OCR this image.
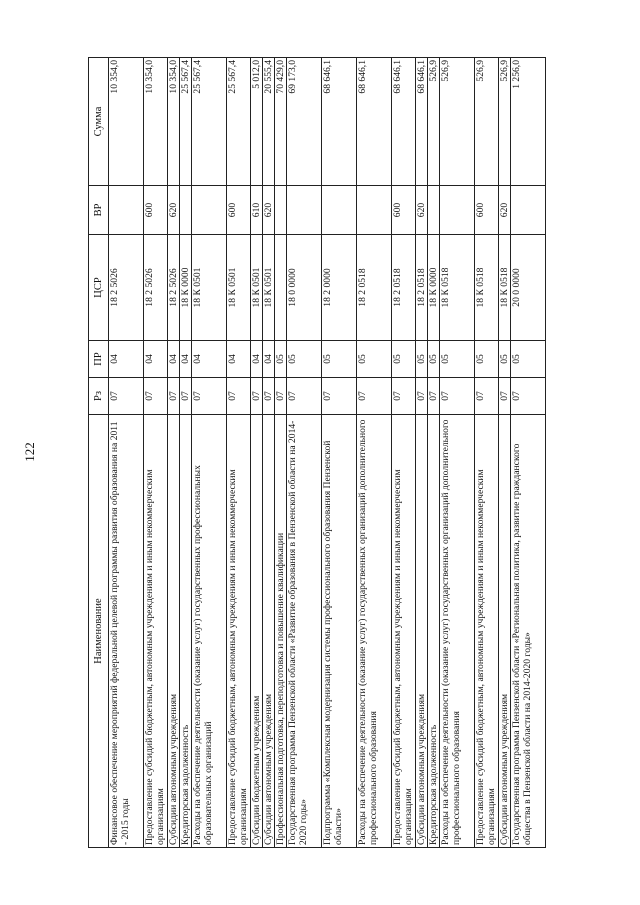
122
Наименование	Рз	ПР	ЦСР	ВР	Сумма
Финансовое обеспечение мероприятий федеральной целевой программы развития образования на 2011 - 2015 годы	07	04	18 2 5026		10 354,0
Предоставление субсидий бюджетным, автономным учреждениям и иным некоммерческим организациям	07	04	18 2 5026	600	10 354,0
Субсидии автономным учреждениям	07	04	18 2 5026	620	10 354,0
Кредиторская задолженность	07	04	18 К 0000		25 567,4
Расходы на обеспечение деятельности (оказание услуг) государственных профессиональных образовательных организаций	07	04	18 К 0501		25 567,4
Предоставление субсидий бюджетным, автономным учреждениям и иным некоммерческим организациям	07	04	18 К 0501	600	25 567,4
Субсидии бюджетным учреждениям	07	04	18 К 0501	610	5 012,0
Субсидии автономным учреждениям	07	04	18 К 0501	620	20 555,4
Профессиональная подготовка, переподготовка и повышение квалификации	07	05			70 429,0
Государственная программа Пензенской области «Развитие образования в Пензенской области на 2014-2020 годы»	07	05	18 0 0000		69 173,0
Подпрограмма «Комплексная модернизация системы профессионального образования Пензенской области»	07	05	18 2 0000		68 646,1
Расходы на обеспечение деятельности (оказание услуг) государственных организаций дополнительного профессионального образования	07	05	18 2 0518		68 646,1
Предоставление субсидий бюджетным, автономным учреждениям и иным некоммерческим организациям	07	05	18 2 0518	600	68 646,1
Субсидии автономным учреждениям	07	05	18 2 0518	620	68 646,1
Кредиторская задолженность	07	05	18 К 0000		526,9
Расходы на обеспечение деятельности (оказание услуг) государственных организаций дополнительного профессионального образования	07	05	18 К 0518		526,9
Предоставление субсидий бюджетным, автономным учреждениям и иным некоммерческим организациям	07	05	18 К 0518	600	526,9
Субсидии автономным учреждениям	07	05	18 К 0518	620	526,9
Государственная программа Пензенской области «Региональная политика, развитие гражданского общества в Пензенской области на 2014-2020 годы»	07	05	20 0 0000		1 256,0
